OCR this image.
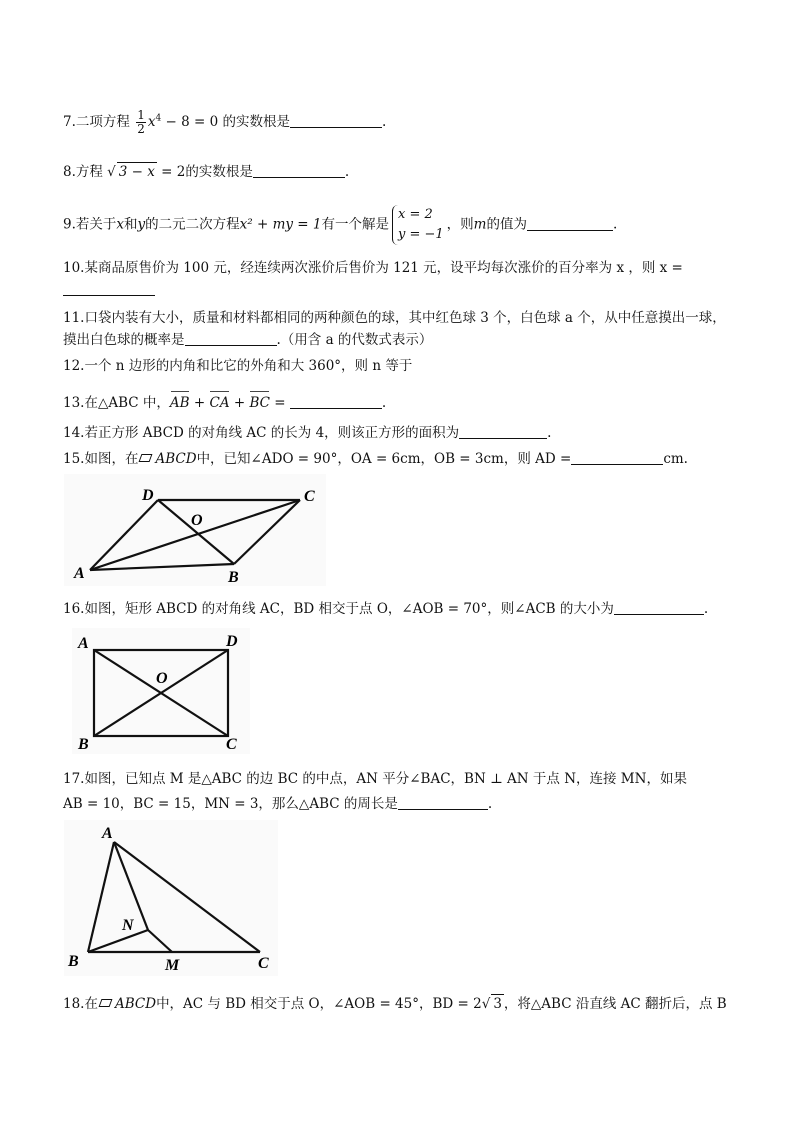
7.二项方程 $\frac{1}{2} x^4 - 8 = 0$ 的实数根是	.
8.方程 √ 3 − x = 2的实数根是	.
9.若关于x和y的二元二次方程x² + my = 1有一个解是
x = 2
y = −1
，则m的值为	.
10.某商品原售价为 100 元，经连续两次涨价后售价为 121 元，设平均每次涨价的百分率为 x ，则 x =
11.口袋内装有大小，质量和材料都相同的两种颜色的球，其中红色球 3 个，白色球 a 个，从中任意摸出一球，
摸出白色球的概率是	.（用含 a 的代数式表示）
12.一个 n 边形的内角和比它的外角和大 360°，则 n 等于
13.在△ABC 中，AB + CA + BC =	.
14.若正方形 ABCD 的对角线 AC 的长为 4，则该正方形的面积为	.
15.如图，在 ABCD中，已知∠ADO = 90°，OA = 6cm，OB = 3cm，则 AD =	cm.
A	B
C
D
O
16.如图，矩形 ABCD 的对角线 AC，BD 相交于点 O，∠AOB = 70°，则∠ACB 的大小为	.
A	D
O
B	C
17.如图，已知点 M 是△ABC 的边 BC 的中点，AN 平分∠BAC，BN ⊥ AN 于点 N，连接 MN，如果
AB = 10，BC = 15，MN = 3，那么△ABC 的周长是	.
A
N
B	M	C
18.在 ABCD中，AC 与 BD 相交于点 O，∠AOB = 45°，BD = 2√ 3 ，将△ABC 沿直线 AC 翻折后，点 B
